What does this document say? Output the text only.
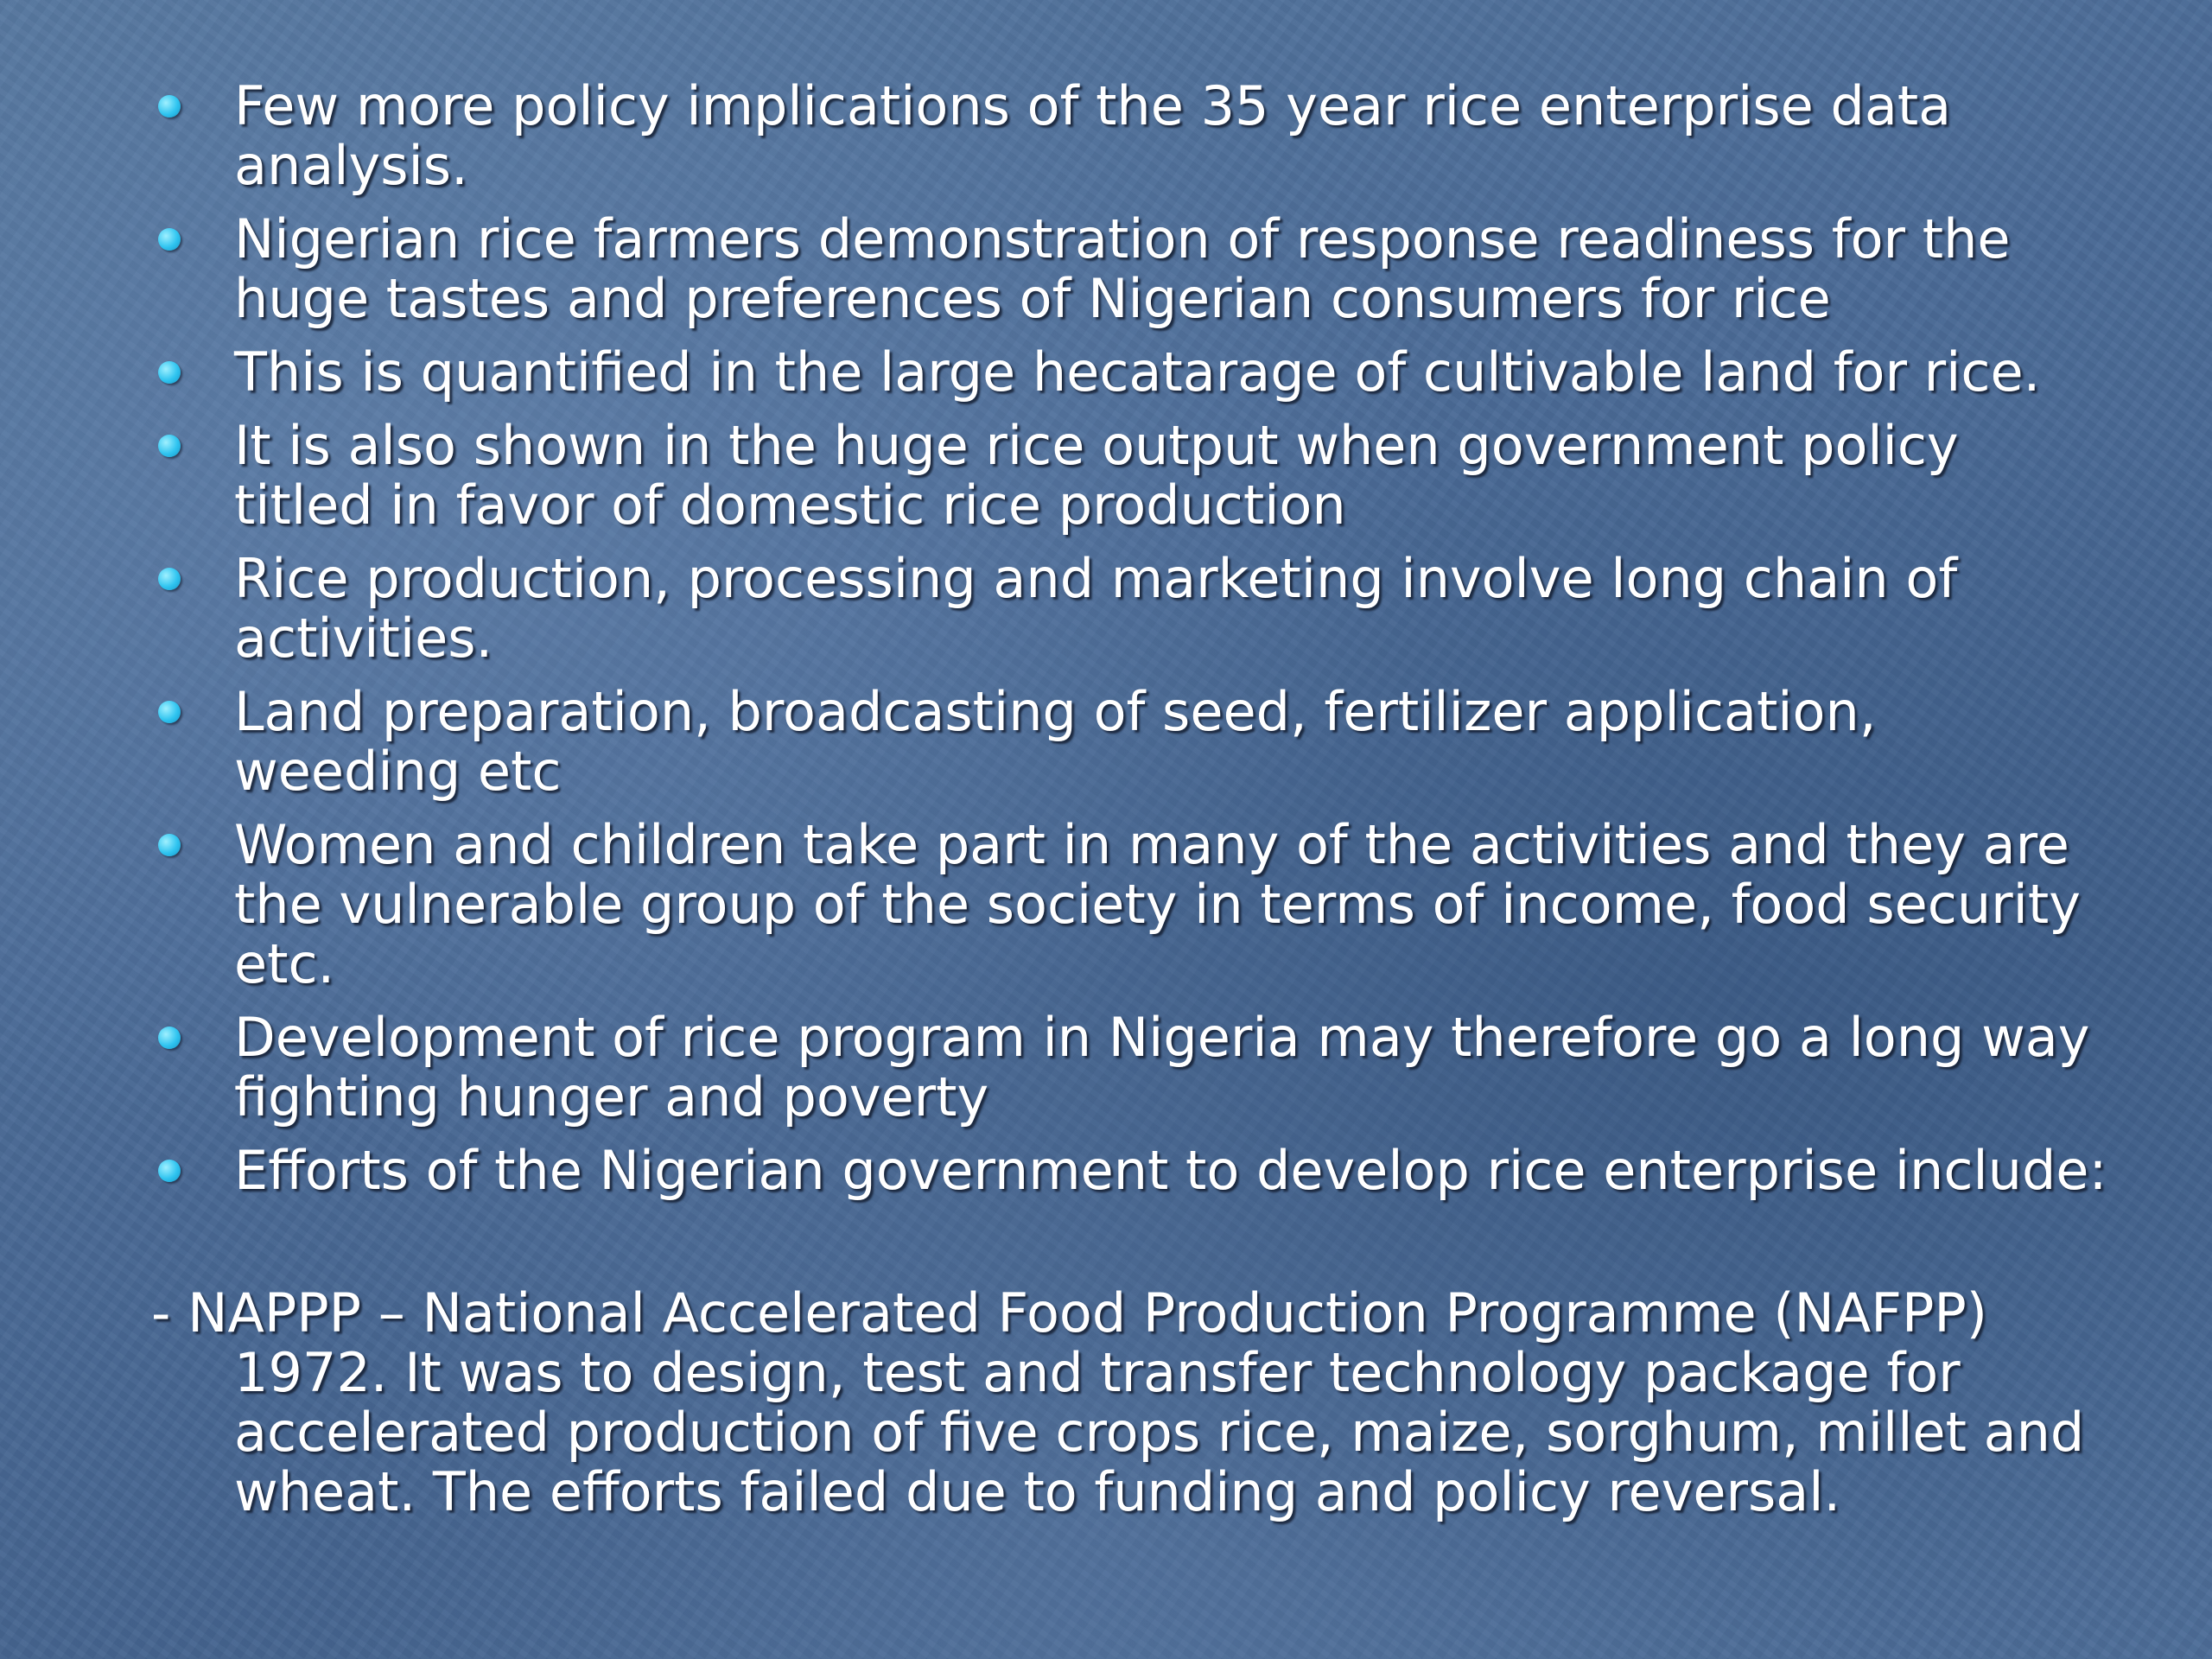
Few more policy implications of the 35 year rice enterprise data analysis.
Nigerian rice farmers demonstration of response readiness for the huge tastes and preferences of Nigerian consumers for rice
This is quantified in the large hecatarage of cultivable land for rice.
It is also shown in the huge rice output when government policy titled in favor of domestic rice production
Rice production, processing and marketing involve long chain of activities.
Land preparation, broadcasting of seed, fertilizer application, weeding etc
Women and children take part in many of the activities and they are the vulnerable group of the society in terms of income, food security etc.
Development of rice program in Nigeria may therefore go a long way fighting hunger and poverty
Efforts of the Nigerian government to develop rice enterprise include:
- NAPPP – National Accelerated Food Production Programme (NAFPP) 1972. It was to design, test and transfer technology package for accelerated production of five crops rice, maize, sorghum, millet and wheat. The efforts failed due to funding and policy reversal.
